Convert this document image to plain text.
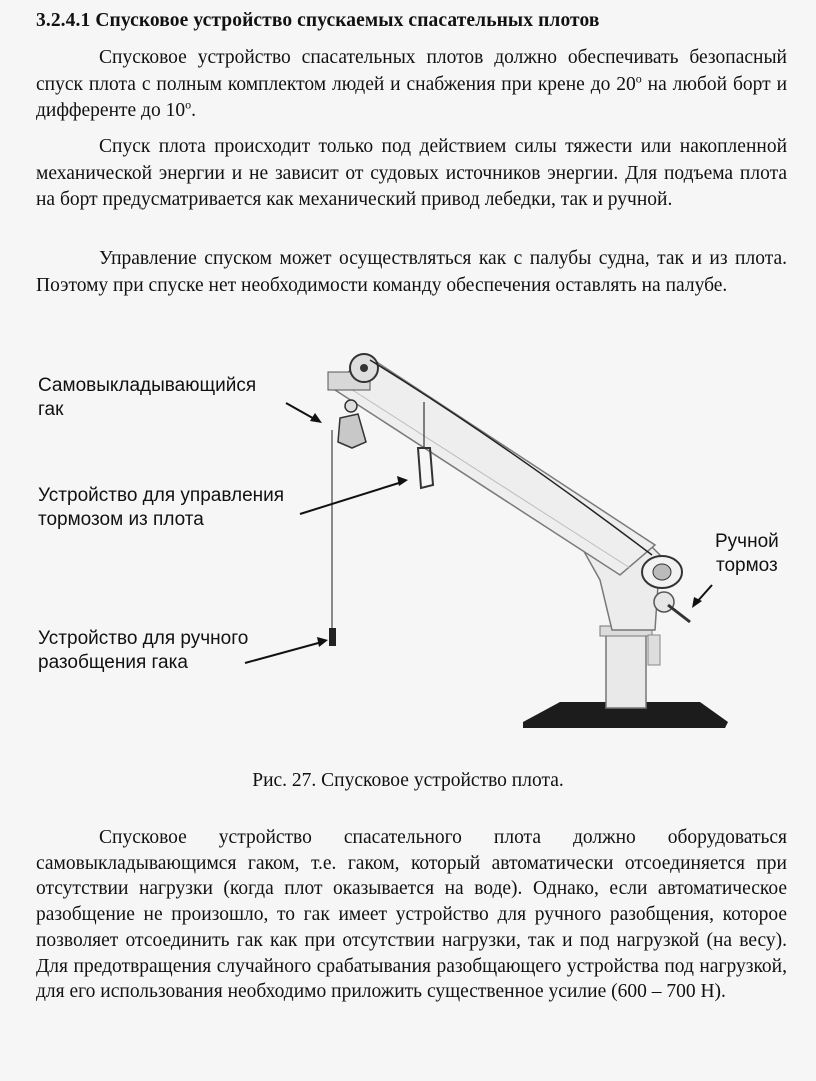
3.2.4.1 Спусковое устройство спускаемых спасательных плотов

Спусковое устройство спасательных плотов должно обеспечивать безопасный спуск плота с полным комплектом людей и снабжения при крене до 20$^o$ на любой борт и дифференте до 10$^o$.

Спуск плота происходит только под действием силы тяжести или накопленной механической энергии и не зависит от судовых источников энергии. Для подъема плота на борт предусматривается как механический привод лебедки, так и ручной.

Управление спуском может осуществляться как с палубы судна, так и из плота. Поэтому при спуске нет необходимости команду обеспечения оставлять на палубе.

Самовыкладывающийся
гак
Устройство для управления
тормозом из плота
Устройство для ручного
разобщения гака
Ручной
тормоз
Рис. 27. Спусковое устройство плота.

Спусковое устройство спасательного плота должно оборудоваться самовыкладывающимся гаком, т.е. гаком, который автоматически отсоединяется при отсутствии нагрузки (когда плот оказывается на воде). Однако, если автоматическое разобщение не произошло, то гак имеет устройство для ручного разобщения, которое позволяет отсоединить гак как при отсутствии нагрузки, так и под нагрузкой (на весу). Для предотвращения случайного срабатывания разобщающего устройства под нагрузкой, для его использования необходимо приложить существенное усилие (600 – 700 Н).
